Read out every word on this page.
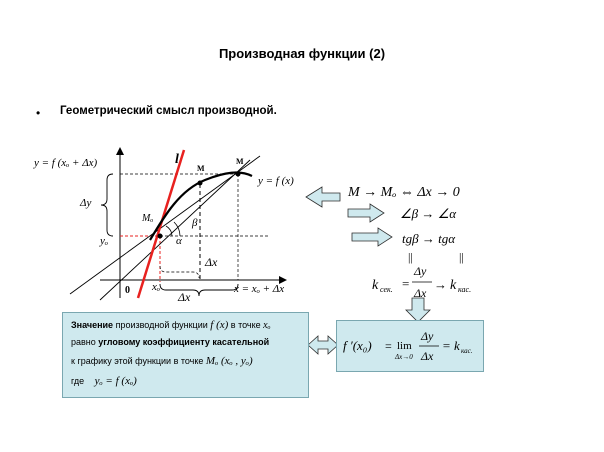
Производная функции (2)
• Геометрический смысл производной.
y = f (xₒ + Δx)
Δy
yₒ
Mₒ
α
β
l
M
M
y = f (x)
0 xₒ
Δx
Δx
x = xₒ + Δx
M → Mₒ ⇔ Δx → 0
∠β → ∠α
tgβ → tgα
||	||
k сек. =
Δy
Δx
→ k кас.
Значение производной функции f (x) в точке xₒ
равно угловому коэффициенту касательной
к графику этой функции в точке Mₒ (xₒ , yₒ)
где yₒ = f (xₒ)
f ′(x₀) = lim
Δx→0
Δy
Δx
= k кас.
